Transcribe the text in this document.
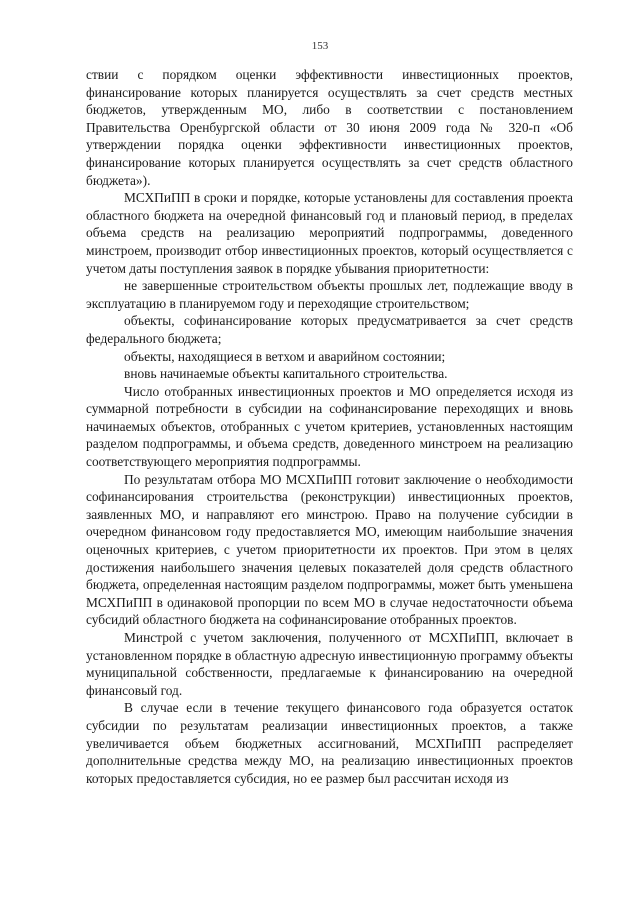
153

ствии с порядком оценки эффективности инвестиционных проектов, финансирование которых планируется осуществлять за счет средств местных бюджетов, утвержденным МО, либо в соответствии с постановлением Правительства Оренбургской области от 30 июня 2009 года № 320-п «Об утверждении порядка оценки эффективности инвестиционных проектов, финансирование которых планируется осуществлять за счет средств областного бюджета»).

МСХПиПП в сроки и порядке, которые установлены для составления проекта областного бюджета на очередной финансовый год и плановый период, в пределах объема средств на реализацию мероприятий подпрограммы, доведенного минстроем, производит отбор инвестиционных проектов, который осуществляется с учетом даты поступления заявок в порядке убывания приоритетности:

не завершенные строительством объекты прошлых лет, подлежащие вводу в эксплуатацию в планируемом году и переходящие строительством;

объекты, софинансирование которых предусматривается за счет средств федерального бюджета;

объекты, находящиеся в ветхом и аварийном состоянии;

вновь начинаемые объекты капитального строительства.

Число отобранных инвестиционных проектов и МО определяется исходя из суммарной потребности в субсидии на софинансирование переходящих и вновь начинаемых объектов, отобранных с учетом критериев, установленных настоящим разделом подпрограммы, и объема средств, доведенного минстроем на реализацию соответствующего мероприятия подпрограммы.

По результатам отбора МО МСХПиПП готовит заключение о необходимости софинансирования строительства (реконструкции) инвестиционных проектов, заявленных МО, и направляют его минстрою. Право на получение субсидии в очередном финансовом году предоставляется МО, имеющим наибольшие значения оценочных критериев, с учетом приоритетности их проектов. При этом в целях достижения наибольшего значения целевых показателей доля средств областного бюджета, определенная настоящим разделом подпрограммы, может быть уменьшена МСХПиПП в одинаковой пропорции по всем МО в случае недостаточности объема субсидий областного бюджета на софинансирование отобранных проектов.

Минстрой с учетом заключения, полученного от МСХПиПП, включает в установленном порядке в областную адресную инвестиционную программу объекты муниципальной собственности, предлагаемые к финансированию на очередной финансовый год.

В случае если в течение текущего финансового года образуется остаток субсидии по результатам реализации инвестиционных проектов, а также увеличивается объем бюджетных ассигнований, МСХПиПП распределяет дополнительные средства между МО, на реализацию инвестиционных проектов которых предоставляется субсидия, но ее размер был рассчитан исходя из
